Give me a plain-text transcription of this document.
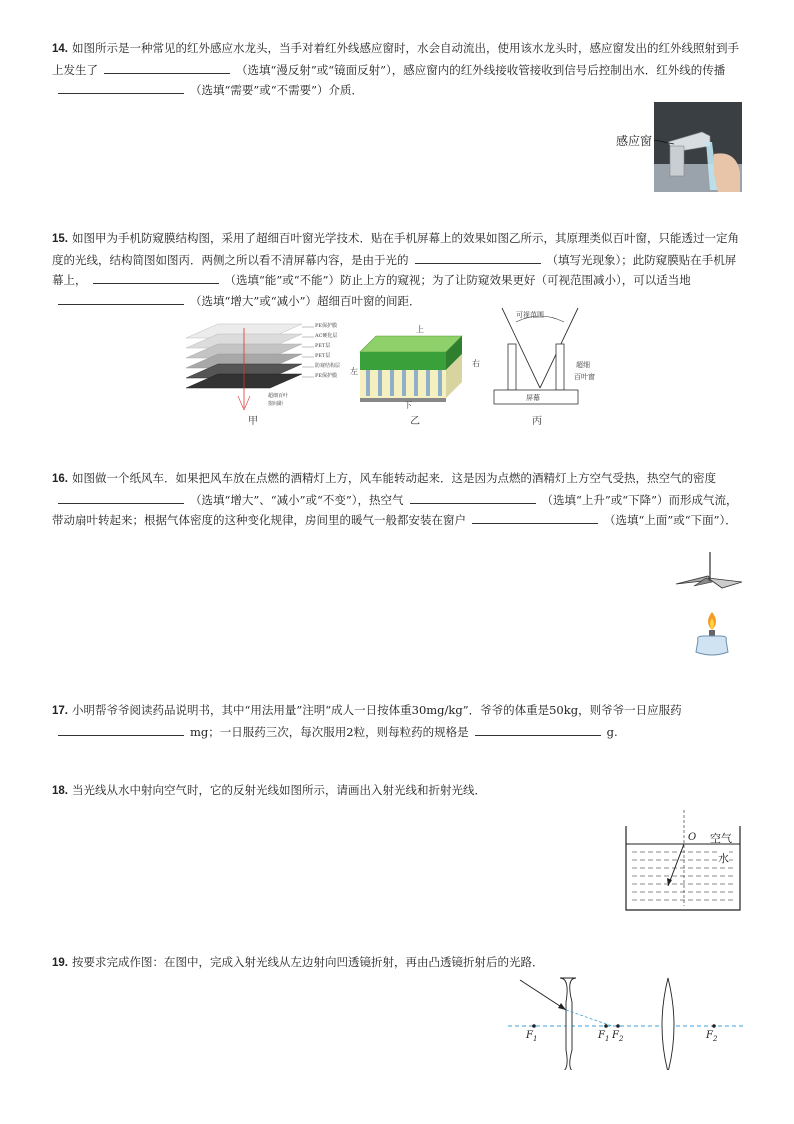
14. 如图所示是一种常见的红外感应水龙头，当手对着红外线感应窗时，水会自动流出，使用该水龙头时，感应窗发出的红外线照射到手上发生了	（选填“漫反射”或“镜面反射”），感应窗内的红外线接收管接收到信号后控制出水．红外线的传播（选填“需要”或“不需要”）介质．
感应窗
15. 如图甲为手机防窥膜结构图，采用了超细百叶窗光学技术．贴在手机屏幕上的效果如图乙所示，其原理类似百叶窗，只能透过一定角度的光线，结构简图如图丙．两侧之所以看不清屏幕内容，是由于光的	（填写光现象）；此防窥膜贴在手机屏幕上，	（选填“能”或“不能”）防止上方的窥视；为了让防窥效果更好（可视范围减小），可以适当地（选填“增大”或“减小”）超细百叶窗的间距．
PE保护膜
AC硬化层
PET层
PET层
防窥结构层
PE保护膜
超细百叶
窗间距
甲
上
左
右
下
乙
可视范围
超细
百叶窗
屏幕
丙
16. 如图做一个纸风车．如果把风车放在点燃的酒精灯上方，风车能转动起来．这是因为点燃的酒精灯上方空气受热，热空气的密度（选填“增大”、“减小”或“不变”），热空气	（选填“上升”或“下降”）而形成气流，带动扇叶转起来；根据气体密度的这种变化规律，房间里的暖气一般都安装在窗户	（选填“上面”或“下面”）．
17. 小明帮爷爷阅读药品说明书，其中“用法用量”注明“成人一日按体重30mg/kg”．爷爷的体重是50kg，则爷爷一日应服药mg；一日服药三次，每次服用2粒，则每粒药的规格是	g.
18. 当光线从水中射向空气时，它的反射光线如图所示，请画出入射光线和折射光线．
O 空气
水
19. 按要求完成作图：在图中，完成入射光线从左边射向凹透镜折射，再由凸透镜折射后的光路．
$F_1$	$F_1$ $F_2$	$F_2$
